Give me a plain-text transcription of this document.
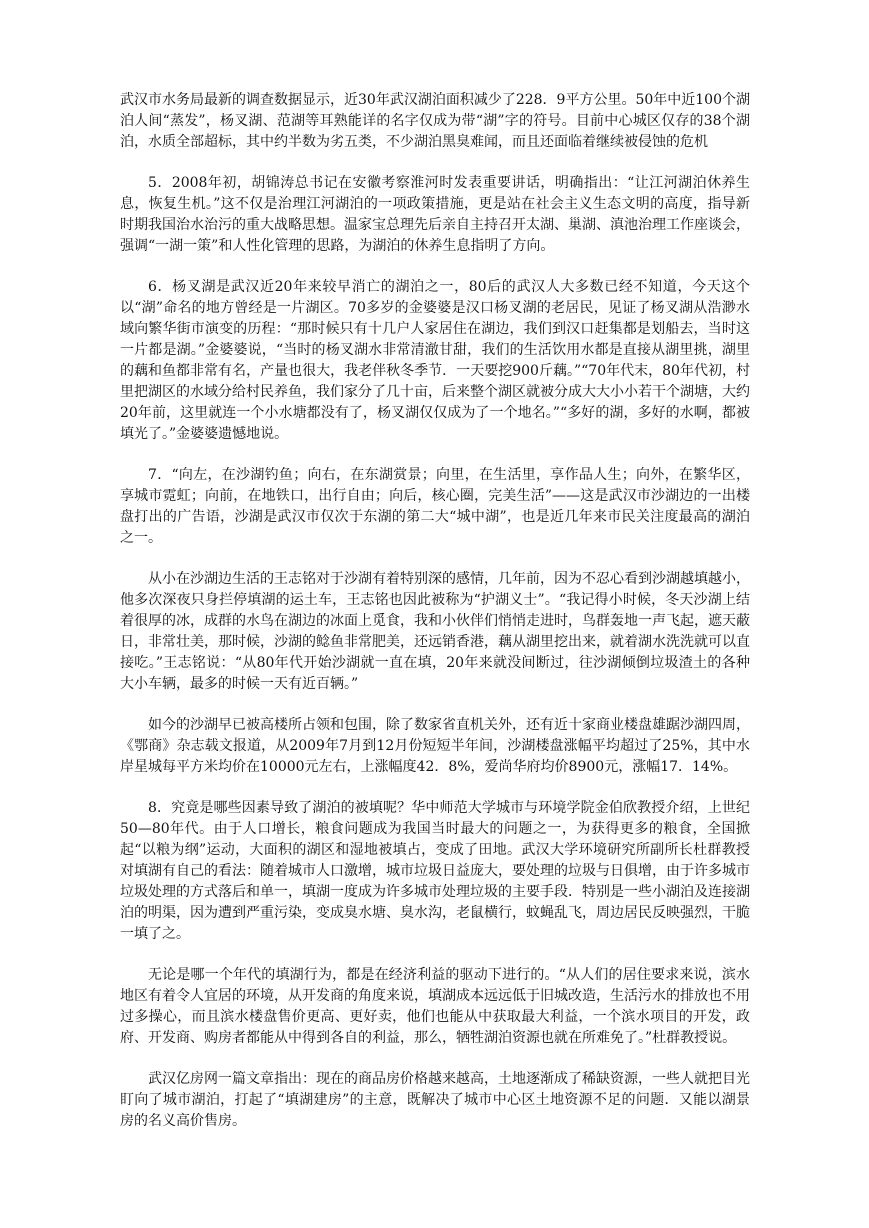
武汉市水务局最新的调查数据显示，近30年武汉湖泊面积减少了228．9平方公里。50年中近100个湖泊人间“蒸发”，杨叉湖、范湖等耳熟能详的名字仅成为带“湖”字的符号。目前中心城区仅存的38个湖泊，水质全部超标，其中约半数为劣五类，不少湖泊黑臭难闻，而且还面临着继续被侵蚀的危机

5．2008年初，胡锦涛总书记在安徽考察淮河时发表重要讲话，明确指出：“让江河湖泊休养生息，恢复生机。”这不仅是治理江河湖泊的一项政策措施，更是站在社会主义生态文明的高度，指导新时期我国治水治污的重大战略思想。温家宝总理先后亲自主持召开太湖、巢湖、滇池治理工作座谈会，强调“一湖一策”和人性化管理的思路，为湖泊的休养生息指明了方向。

6．杨叉湖是武汉近20年来较早消亡的湖泊之一，80后的武汉人大多数已经不知道，今天这个以“湖”命名的地方曾经是一片湖区。70多岁的金婆婆是汉口杨叉湖的老居民，见证了杨叉湖从浩渺水域向繁华街市演变的历程：“那时候只有十几户人家居住在湖边，我们到汉口赶集都是划船去，当时这一片都是湖。”金婆婆说，“当时的杨叉湖水非常清澈甘甜，我们的生活饮用水都是直接从湖里挑，湖里的藕和鱼都非常有名，产量也很大，我老伴秋冬季节．一天要挖900斤藕。”“70年代末，80年代初，村里把湖区的水域分给村民养鱼，我们家分了几十亩，后来整个湖区就被分成大大小小若干个湖塘，大约20年前，这里就连一个小水塘都没有了，杨叉湖仅仅成为了一个地名。”“多好的湖，多好的水啊，都被填光了。”金婆婆遗憾地说。

7．“向左，在沙湖钓鱼；向右，在东湖赏景；向里，在生活里，享作品人生；向外，在繁华区，享城市霓虹；向前，在地铁口，出行自由；向后，核心圈，完美生活”——这是武汉市沙湖边的一出楼盘打出的广告语，沙湖是武汉市仅次于东湖的第二大“城中湖”，也是近几年来市民关注度最高的湖泊之一。

从小在沙湖边生活的王志铭对于沙湖有着特别深的感情，几年前，因为不忍心看到沙湖越填越小，他多次深夜只身拦停填湖的运土车，王志铭也因此被称为“护湖义士”。“我记得小时候，冬天沙湖上结着很厚的冰，成群的水鸟在湖边的冰面上觅食，我和小伙伴们悄悄走进时，鸟群轰地一声飞起，遮天蔽日，非常壮美，那时候，沙湖的鲶鱼非常肥美，还远销香港，藕从湖里挖出来，就着湖水洗洗就可以直接吃。”王志铭说：“从80年代开始沙湖就一直在填，20年来就没间断过，往沙湖倾倒垃圾渣土的各种大小车辆，最多的时候一天有近百辆。”

如今的沙湖早已被高楼所占领和包围，除了数家省直机关外，还有近十家商业楼盘雄踞沙湖四周，《鄂商》杂志载文报道，从2009年7月到12月份短短半年间，沙湖楼盘涨幅平均超过了25%，其中水岸星城每平方米均价在10000元左右，上涨幅度42．8%，爱尚华府均价8900元，涨幅17．14%。

8．究竟是哪些因素导致了湖泊的被填呢？华中师范大学城市与环境学院金伯欣教授介绍，上世纪50—80年代。由于人口增长，粮食问题成为我国当时最大的问题之一，为获得更多的粮食，全国掀起“以粮为纲”运动，大面积的湖区和湿地被填占，变成了田地。武汉大学环境研究所副所长杜群教授对填湖有自己的看法：随着城市人口激增，城市垃圾日益庞大，要处理的垃圾与日俱增，由于许多城市垃圾处理的方式落后和单一，填湖一度成为许多城市处理垃圾的主要手段．特别是一些小湖泊及连接湖泊的明渠，因为遭到严重污染，变成臭水塘、臭水沟，老鼠横行，蚊蝇乱飞，周边居民反映强烈，干脆一填了之。

无论是哪一个年代的填湖行为，都是在经济利益的驱动下进行的。“从人们的居住要求来说，滨水地区有着令人宜居的环境，从开发商的角度来说，填湖成本远远低于旧城改造，生活污水的排放也不用过多操心，而且滨水楼盘售价更高、更好卖，他们也能从中获取最大利益，一个滨水项目的开发，政府、开发商、购房者都能从中得到各自的利益，那么，牺牲湖泊资源也就在所难免了。”杜群教授说。

武汉亿房网一篇文章指出：现在的商品房价格越来越高，土地逐渐成了稀缺资源，一些人就把目光盯向了城市湖泊，打起了“填湖建房”的主意，既解决了城市中心区土地资源不足的问题．又能以湖景房的名义高价售房。
